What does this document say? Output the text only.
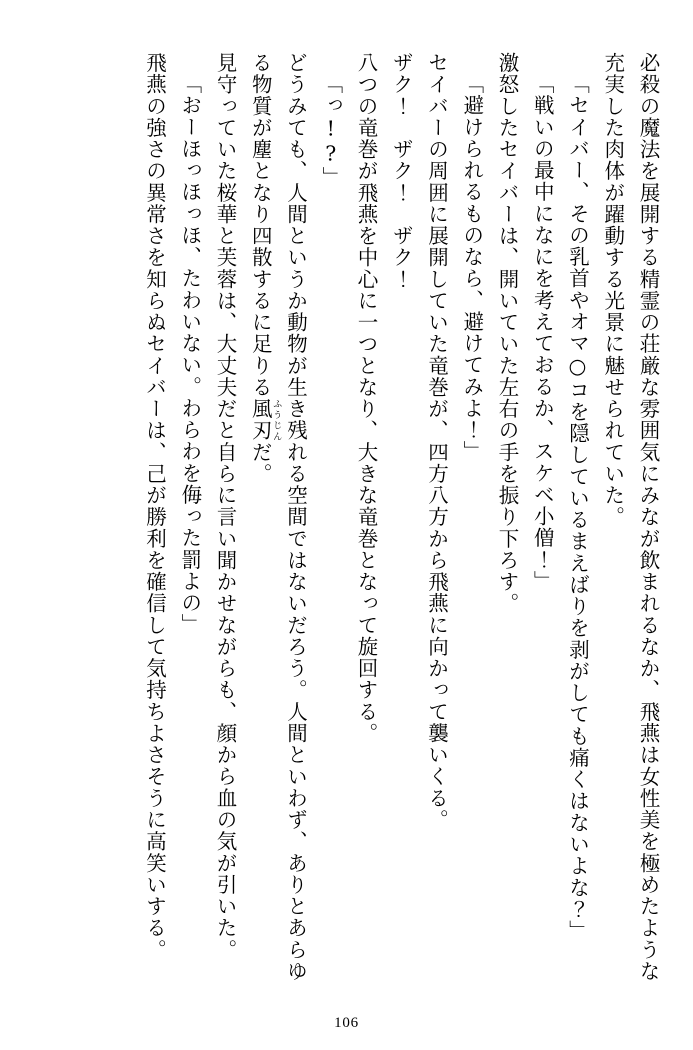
必殺の魔法を展開する精霊の荘厳な雰囲気にみなが飲まれるなか、飛燕は女性美を極めたような充実した肉体が躍動する光景に魅せられていた。

「セイバー、その乳首やオマ○コを隠しているまえばりを剥がしても痛くはないよな？」

「戦いの最中になにを考えておるか、スケベ小僧！」

激怒したセイバーは、開いていた左右の手を振り下ろす。

「避けられるものなら、避けてみよ！」

セイバーの周囲に展開していた竜巻が、四方八方から飛燕に向かって襲いくる。

ザク！　ザク！　ザク！

八つの竜巻が飛燕を中心に一つとなり、大きな竜巻となって旋回する。

「っ!?」

どうみても、人間というか動物が生き残れる空間ではないだろう。人間といわず、ありとあらゆる物質が塵となり四散するに足りる風刃ふうじんだ。

見守っていた桜華と芙蓉は、大丈夫だと自らに言い聞かせながらも、顔から血の気が引いた。

「おーほっほっほ、たわいない。わらわを侮った罰よの」

飛燕の強さの異常さを知らぬセイバーは、己が勝利を確信して気持ちよさそうに高笑いする。

106
